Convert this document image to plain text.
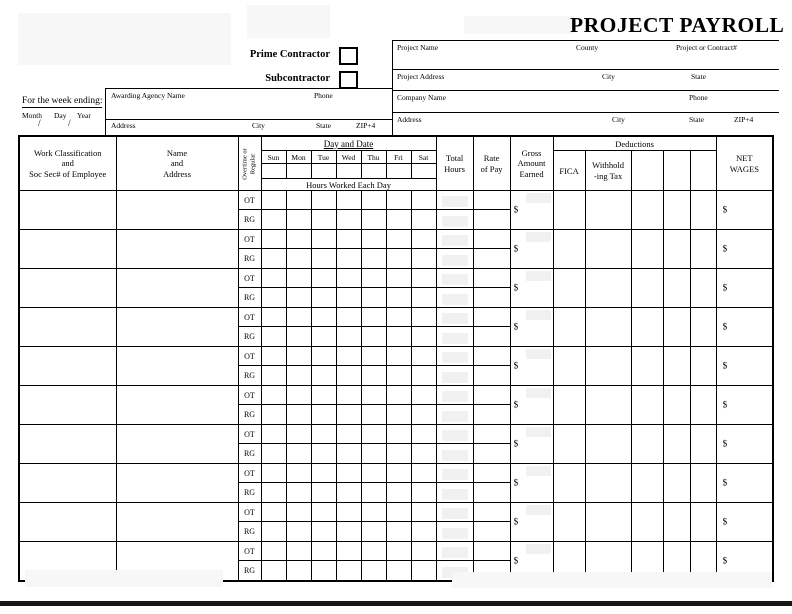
PROJECT PAYROLL
Prime Contractor
Subcontractor
For the week ending:
Month Day Year
/	/
Awarding Agency Name	Phone
Address	City	State	ZIP+4
Project Name	County	Project or Contract#
Project Address	City	State
Company Name	Phone
Address	City	State	ZIP+4
Work Classification
and
Soc Sec# of Employee

Name
and
Address	Overtime or Regular
	Day and Date	
Total
Hours

Rate
of Pay

Gross
Amount
Earned
	Deductions	
NET
WAGES

			Sun	Mon	Tue	Wed	Thu	Fri	Sat				FICA	Withhold
-ing Tax				

			Hours Worked Each Day															
		OT										$						$

		RG															

		OT										$						$

		RG															

		OT										$						$

		RG															

		OT										$						$

		RG															

		OT										$						$

		RG															

		OT										$						$

		RG															

		OT										$						$

		RG															

		OT										$						$

		RG															

		OT										$						$

		RG															

		OT										$						$

		RG															
